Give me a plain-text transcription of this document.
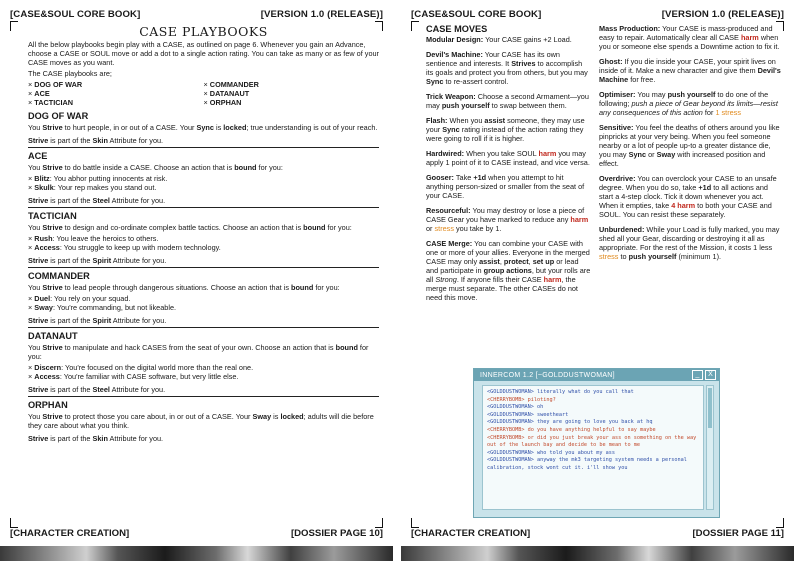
[CASE&SOUL CORE BOOK]	[VERSION 1.0 (RELEASE)]
CASE PLAYBOOKS

All the below playbooks begin play with a CASE, as outlined on page 6. Whenever you gain an Advance, choose a CASE or SOUL move or add a dot to a single action rating. You can take as many or as few of your CASE moves as you want.

The CASE playbooks are;

× DOG OF WAR	× COMMANDER
× ACE	× DATANAUT
× TACTICIAN	× ORPHAN
DOG OF WAR
You Strive to hurt people, in or out of a CASE. Your Sync is locked; true understanding is out of your reach.
Strive is part of the Skin Attribute for you.
ACE
You Strive to do battle inside a CASE. Choose an action that is bound for you:
× Blitz: You abhor putting innocents at risk.
× Skulk: Your rep makes you stand out.
Strive is part of the Steel Attribute for you.
TACTICIAN
You Strive to design and co-ordinate complex battle tactics. Choose an action that is bound for you:
× Rush: You leave the heroics to others.
× Access: You struggle to keep up with modern technology.
Strive is part of the Spirit Attribute for you.
COMMANDER
You Strive to lead people through dangerous situations. Choose an action that is bound for you:
× Duel: You rely on your squad.
× Sway: You're commanding, but not likeable.
Strive is part of the Spirit Attribute for you.
DATANAUT
You Strive to manipulate and hack CASES from the seat of your own. Choose an action that is bound for you:
× Discern: You're focused on the digital world more than the real one.
× Access: You're familiar with CASE software, but very little else.
Strive is part of the Steel Attribute for you.
ORPHAN
You Strive to protect those you care about, in or out of a CASE. Your Sway is locked; adults will die before they care about what you think.
Strive is part of the Skin Attribute for you.
[CHARACTER CREATION]	[DOSSIER PAGE 10]
[CASE&SOUL CORE BOOK]	[VERSION 1.0 (RELEASE)]
CASE MOVES
Modular Design: Your CASE gains +2 Load.
Devil's Machine: Your CASE has its own sentience and interests. It Strives to accomplish its goals and protect you from others, but you may Sync to re-assert control.
Trick Weapon: Choose a second Armament—you may push yourself to swap between them.
Flash: When you assist someone, they may use your Sync rating instead of the action rating they were going to roll if it is higher.
Hardwired: When you take SOUL harm you may apply 1 point of it to CASE instead, and vice versa.
Gooser: Take +1d when you attempt to hit anything person-sized or smaller from the seat of your CASE.
Resourceful: You may destroy or lose a piece of CASE Gear you have marked to reduce any harm or stress you take by 1.
CASE Merge: You can combine your CASE with one or more of your allies. Everyone in the merged CASE may only assist, protect, set up or lead and participate in group actions, but your rolls are all Strong. If anyone fills their CASE harm, the merge must separate. The other CASEs do not need this move.
Mass Production: Your CASE is mass-produced and easy to repair. Automatically clear all CASE harm when you or someone else spends a Downtime action to fix it.
Ghost: If you die inside your CASE, your spirit lives on inside of it. Make a new character and give them Devil's Machine for free.
Optimiser: You may push yourself to do one of the following; push a piece of Gear beyond its limits—resist any consequences of this action for 1 stress
Sensitive: You feel the deaths of others around you like pinpricks at your very being. When you feel someone nearby or a lot of people up-to a greater distance die, you may Sync or Sway with increased position and effect.
Overdrive: You can overclock your CASE to an unsafe degree. When you do so, take +1d to all actions and start a 4-step clock. Tick it down whenever you act. When it empties, take 4 harm to both your CASE and SOUL. You can resist these separately.
Unburdened: While your Load is fully marked, you may shed all your Gear, discarding or destroying it all as appropriate. For the rest of the Mission, it costs 1 less stress to push yourself (minimum 1).
INNERCOM 1.2 [~GOLDDUSTWOMAN]	_	X
<GOLDDUSTWOMAN> literally what do you call that
<CHERRYBOMB> piloting?
<GOLDDUSTWOMAN> oh
<GOLDDUSTWOMAN> sweetheart
<GOLDDUSTWOMAN> they are going to love you back at hq
<CHERRYBOMB> do you have anything helpful to say maybe
<CHERRYBOMB> or did you just break your ass on something on the way out of the launch bay and decide to be mean to me
<GOLDDUSTWOMAN> who told you about my ass
<GOLDDUSTWOMAN> anyway the mk3 targeting system needs a personal calibration, stock wont cut it. i'll show you
[CHARACTER CREATION]	[DOSSIER PAGE 11]
